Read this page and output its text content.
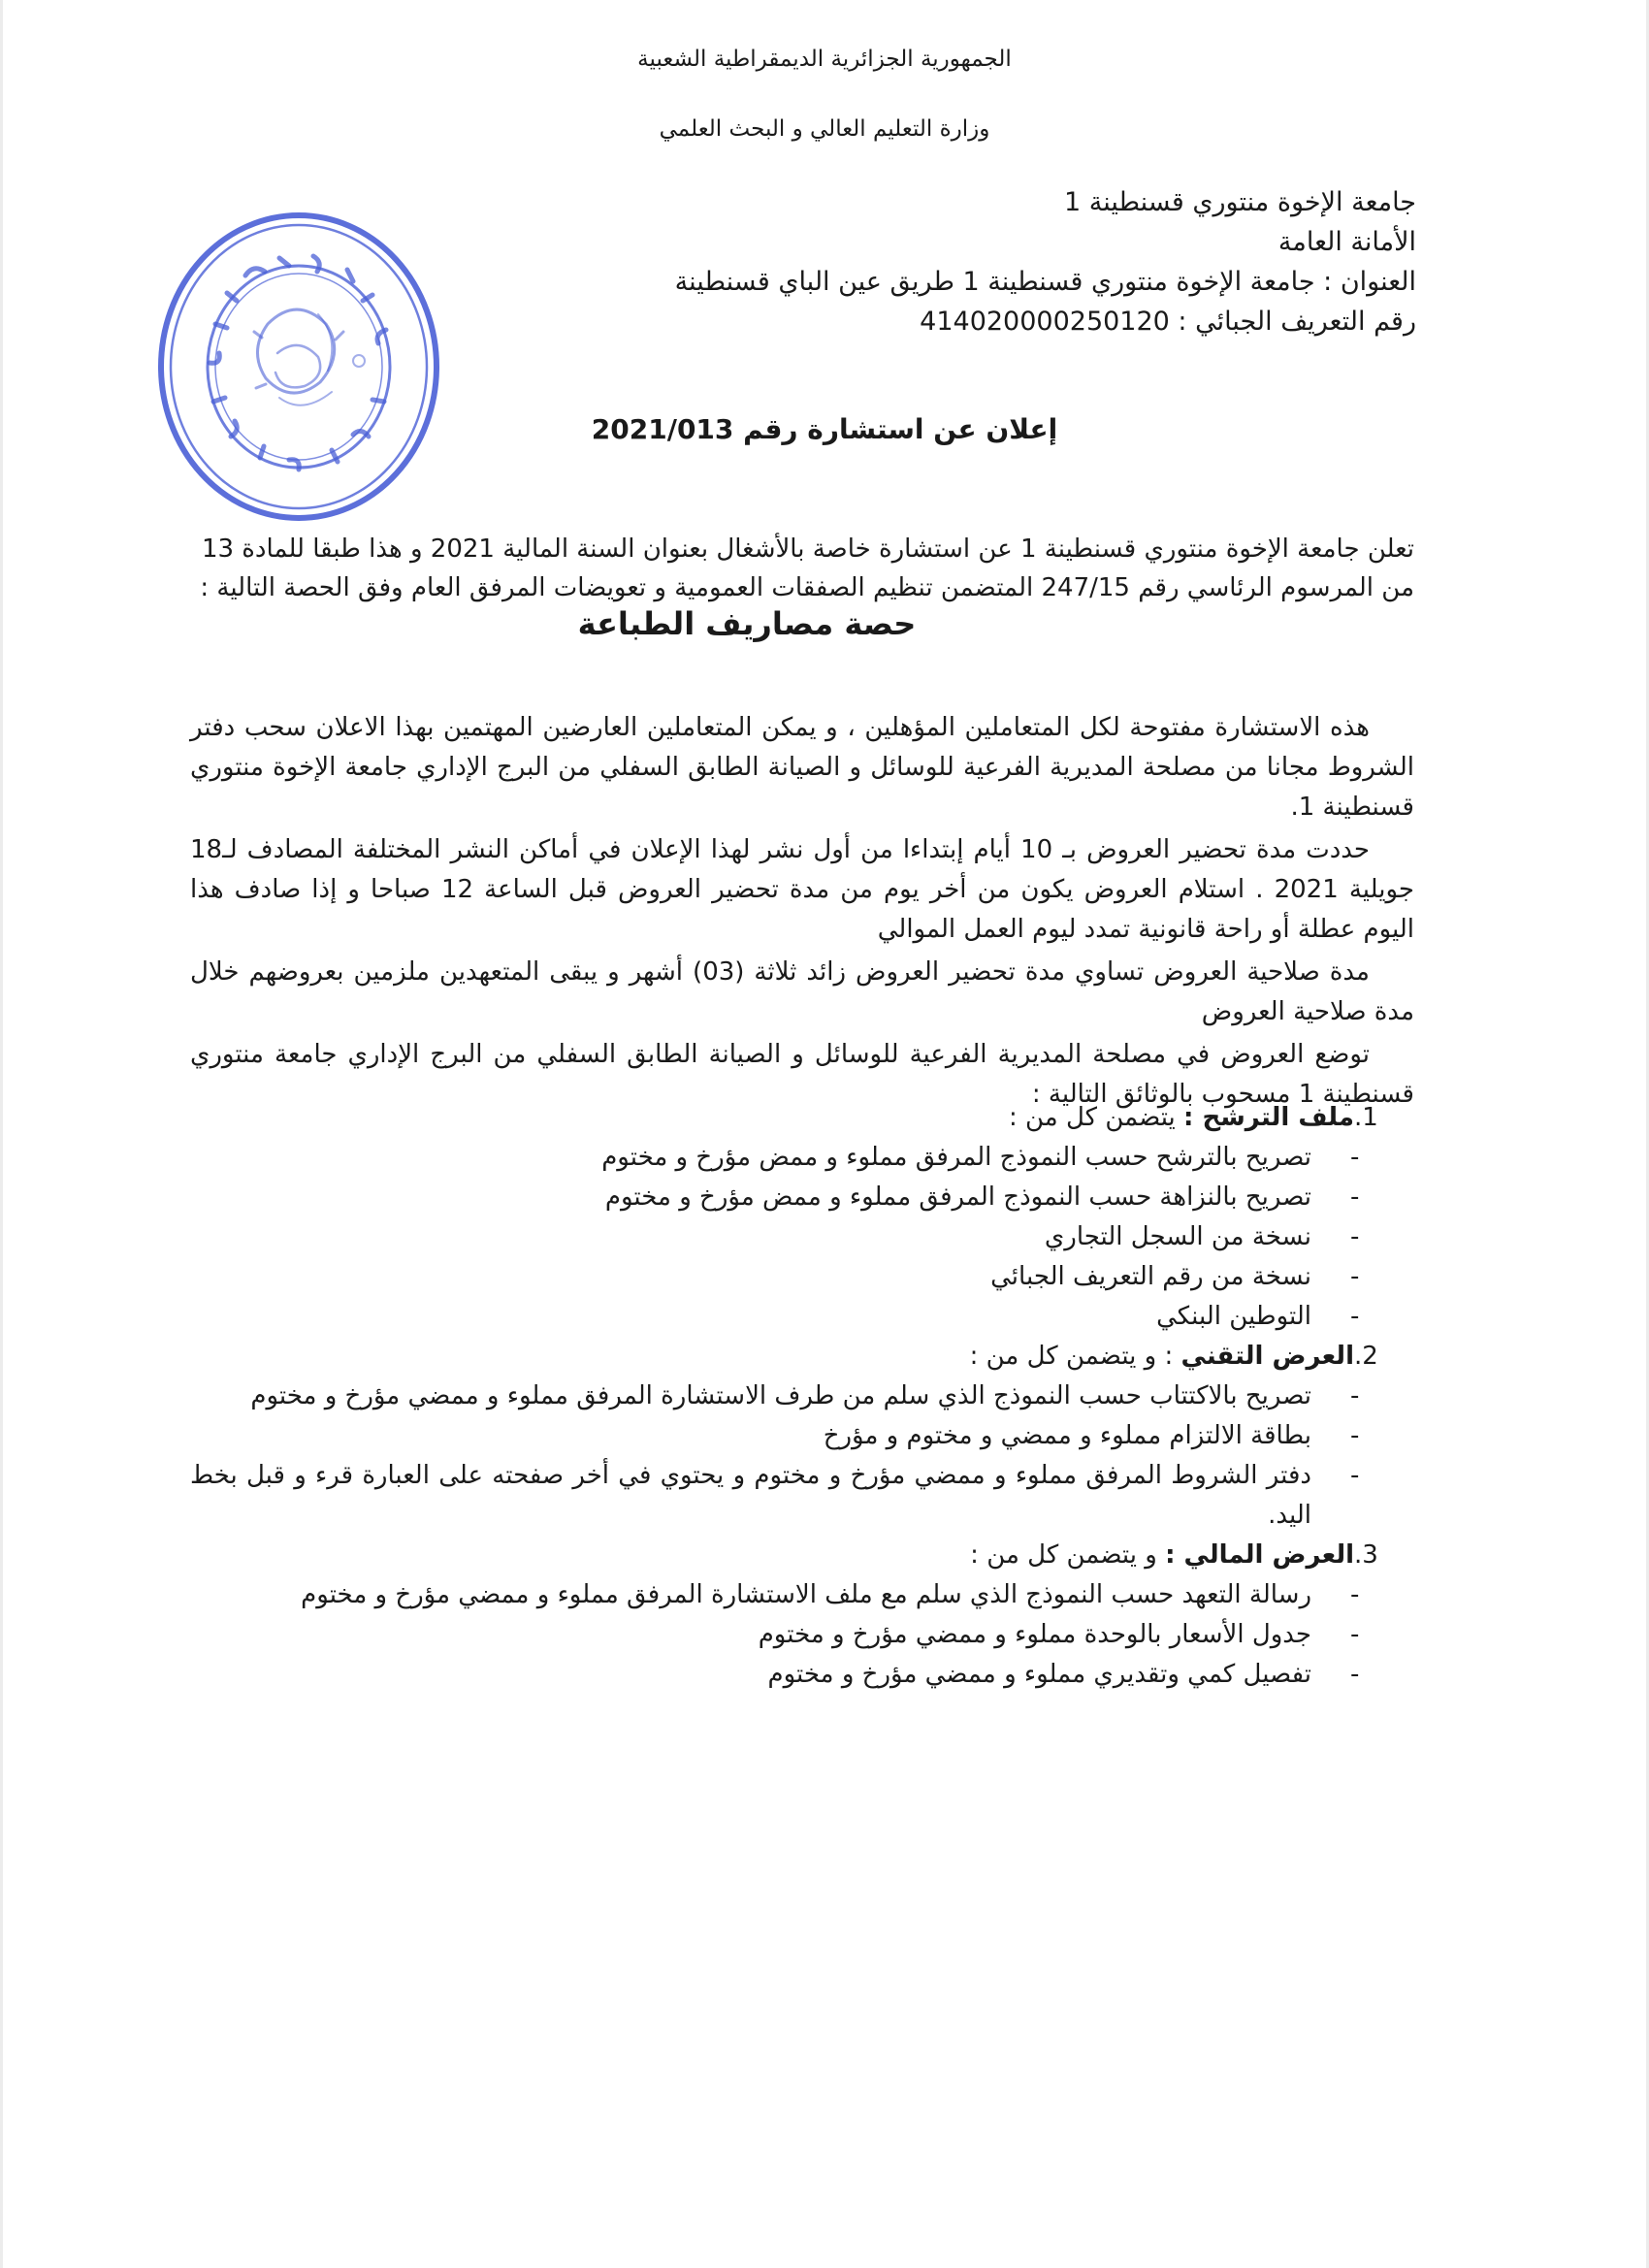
الجمهورية الجزائرية الديمقراطية الشعبية
وزارة التعليم العالي و البحث العلمي
جامعة الإخوة منتوري قسنطينة 1
الأمانة العامة
العنوان : جامعة الإخوة منتوري قسنطينة 1 طريق عين الباي قسنطينة
رقم التعريف الجبائي : 414020000250120
إعلان عن استشارة رقم 2021/013
تعلن جامعة الإخوة منتوري قسنطينة 1 عن استشارة خاصة بالأشغال بعنوان السنة المالية 2021 و هذا طبقا للمادة 13
من المرسوم الرئاسي رقم 247/15 المتضمن تنظيم الصفقات العمومية و تعويضات المرفق العام وفق الحصة التالية :
حصة مصاريف الطباعة

هذه الاستشارة مفتوحة لكل المتعاملين المؤهلين ، و يمكن المتعاملين العارضين المهتمين بهذا الاعلان سحب دفتر الشروط مجانا من مصلحة المديرية الفرعية للوسائل و الصيانة الطابق السفلي من البرج الإداري جامعة الإخوة منتوري قسنطينة 1.

حددت مدة تحضير العروض بـ 10 أيام إبتداءا من أول نشر لهذا الإعلان في أماكن النشر المختلفة المصادف لـ18 جويلية 2021 . استلام العروض يكون من أخر يوم من مدة تحضير العروض قبل الساعة 12 صباحا و إذا صادف هذا اليوم عطلة أو راحة قانونية تمدد ليوم العمل الموالي

مدة صلاحية العروض تساوي مدة تحضير العروض زائد ثلاثة (03) أشهر و يبقى المتعهدين ملزمين بعروضهم خلال مدة صلاحية العروض

توضع العروض في مصلحة المديرية الفرعية للوسائل و الصيانة الطابق السفلي من البرج الإداري جامعة منتوري قسنطينة 1 مسحوب بالوثائق التالية :

1.
ملف الترشح : يتضمن كل من :
-
تصريح بالترشح حسب النموذج المرفق مملوء و ممض مؤرخ و مختوم
-
تصريح بالنزاهة حسب النموذج المرفق مملوء و ممض مؤرخ و مختوم
-
نسخة من السجل التجاري
-
نسخة من رقم التعريف الجبائي
-
التوطين البنكي
2.
العرض التقني : و يتضمن كل من :
-
تصريح بالاكتتاب حسب النموذج الذي سلم من طرف الاستشارة المرفق مملوء و ممضي مؤرخ و مختوم
-
بطاقة الالتزام مملوء و ممضي و مختوم و مؤرخ
-
دفتر الشروط المرفق مملوء و ممضي مؤرخ و مختوم و يحتوي في أخر صفحته على العبارة قرء و قبل بخط اليد.
3.
العرض المالي : و يتضمن كل من :
-
رسالة التعهد حسب النموذج الذي سلم مع ملف الاستشارة المرفق مملوء و ممضي مؤرخ و مختوم
-
جدول الأسعار بالوحدة مملوء و ممضي مؤرخ و مختوم
-
تفصيل كمي وتقديري مملوء و ممضي مؤرخ و مختوم
